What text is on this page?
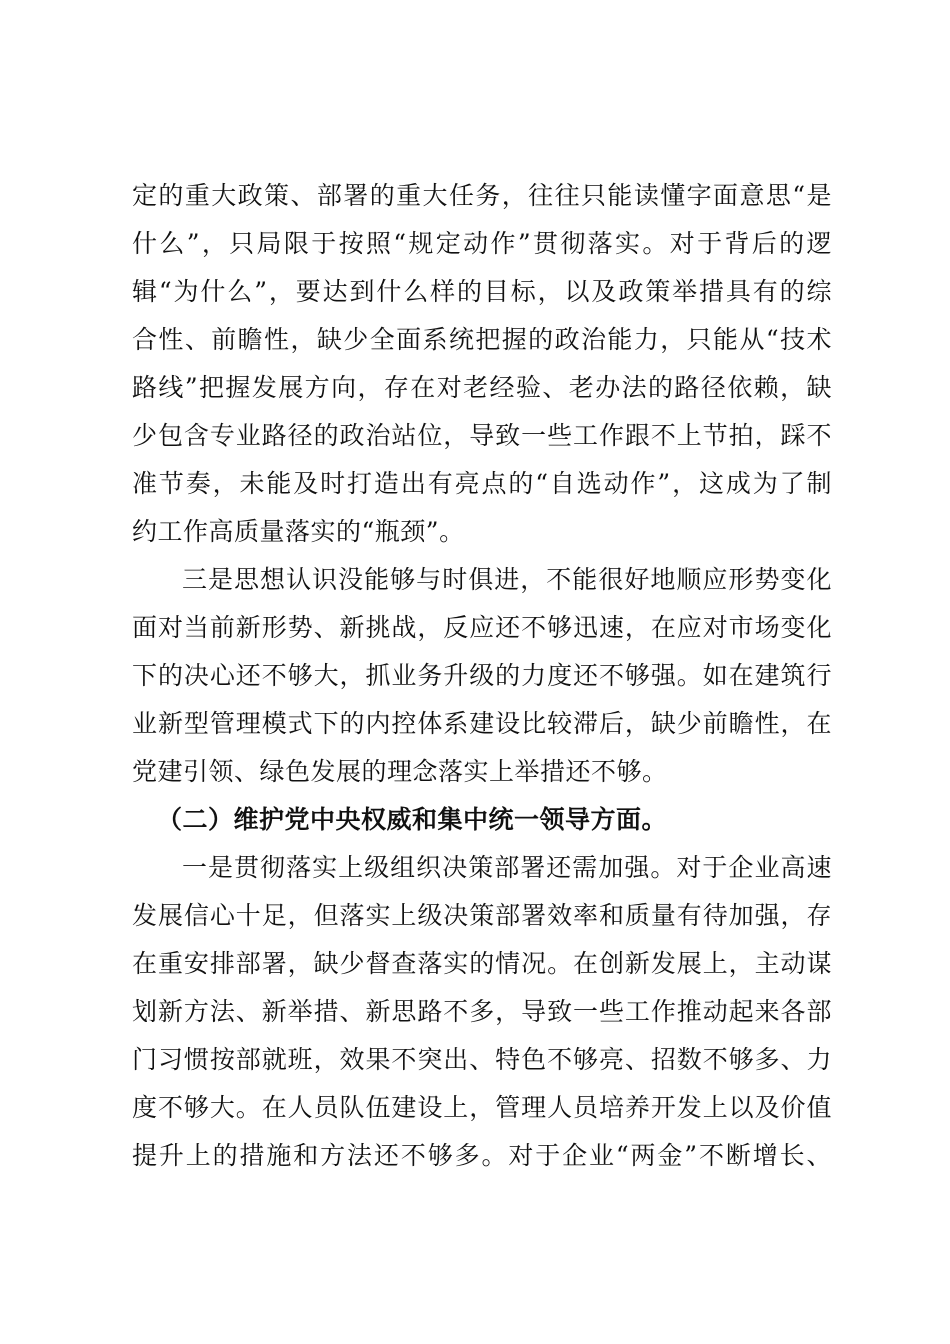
定的重大政策、部署的重大任务，往往只能读懂字面意思“是
什么”，只局限于按照“规定动作”贯彻落实。对于背后的逻
辑“为什么”，要达到什么样的目标，以及政策举措具有的综
合性、前瞻性，缺少全面系统把握的政治能力，只能从“技术
路线”把握发展方向，存在对老经验、老办法的路径依赖，缺
少包含专业路径的政治站位，导致一些工作跟不上节拍，踩不
准节奏，未能及时打造出有亮点的“自选动作”，这成为了制
约工作高质量落实的“瓶颈”。
三是思想认识没能够与时俱进，不能很好地顺应形势变化
面对当前新形势、新挑战，反应还不够迅速，在应对市场变化
下的决心还不够大，抓业务升级的力度还不够强。如在建筑行
业新型管理模式下的内控体系建设比较滞后，缺少前瞻性，在
党建引领、绿色发展的理念落实上举措还不够。
（二）维护党中央权威和集中统一领导方面。
一是贯彻落实上级组织决策部署还需加强。对于企业高速
发展信心十足，但落实上级决策部署效率和质量有待加强，存
在重安排部署，缺少督查落实的情况。在创新发展上，主动谋
划新方法、新举措、新思路不多，导致一些工作推动起来各部
门习惯按部就班，效果不突出、特色不够亮、招数不够多、力
度不够大。在人员队伍建设上，管理人员培养开发上以及价值
提升上的措施和方法还不够多。对于企业“两金”不断增长、
